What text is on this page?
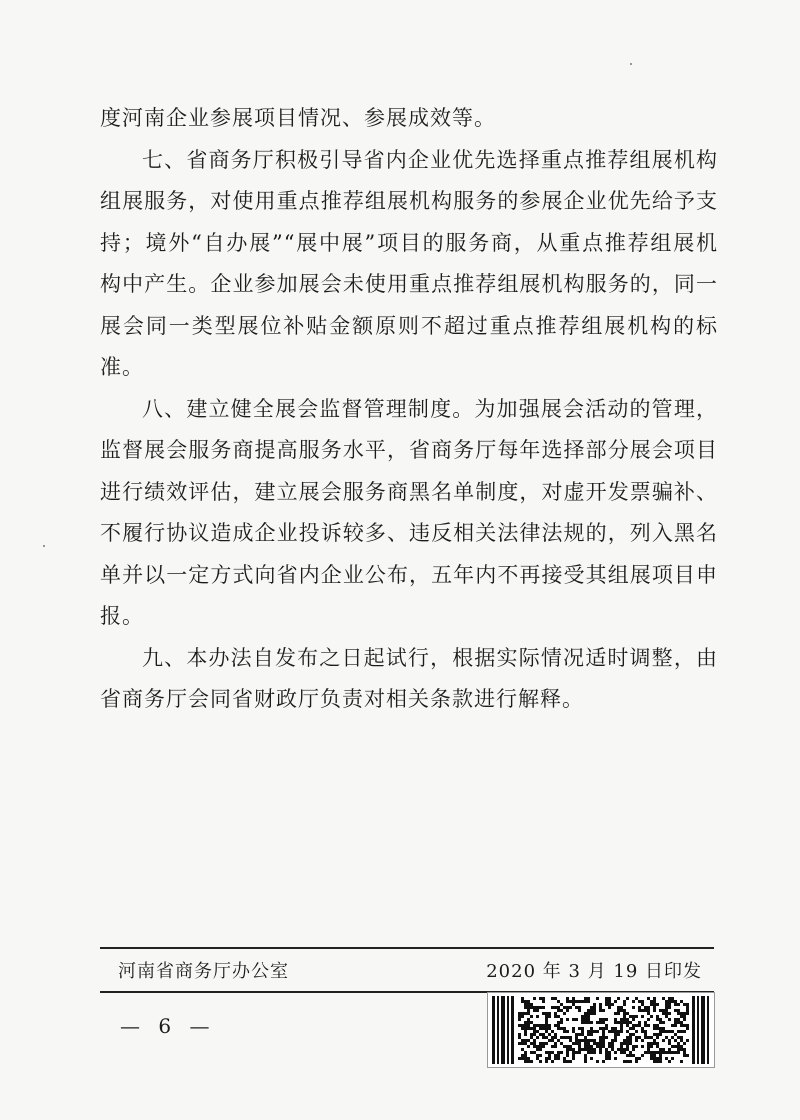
度河南企业参展项目情况、参展成效等。

七、省商务厅积极引导省内企业优先选择重点推荐组展机构组展服务，对使用重点推荐组展机构服务的参展企业优先给予支持；境外“自办展”“展中展”项目的服务商，从重点推荐组展机构中产生。企业参加展会未使用重点推荐组展机构服务的，同一展会同一类型展位补贴金额原则不超过重点推荐组展机构的标准。

八、建立健全展会监督管理制度。为加强展会活动的管理，监督展会服务商提高服务水平，省商务厅每年选择部分展会项目进行绩效评估，建立展会服务商黑名单制度，对虚开发票骗补、不履行协议造成企业投诉较多、违反相关法律法规的，列入黑名单并以一定方式向省内企业公布，五年内不再接受其组展项目申报。

九、本办法自发布之日起试行，根据实际情况适时调整，由省商务厅会同省财政厅负责对相关条款进行解释。

河南省商务厅办公室	2020 年 3 月 19 日印发
— 6 —
